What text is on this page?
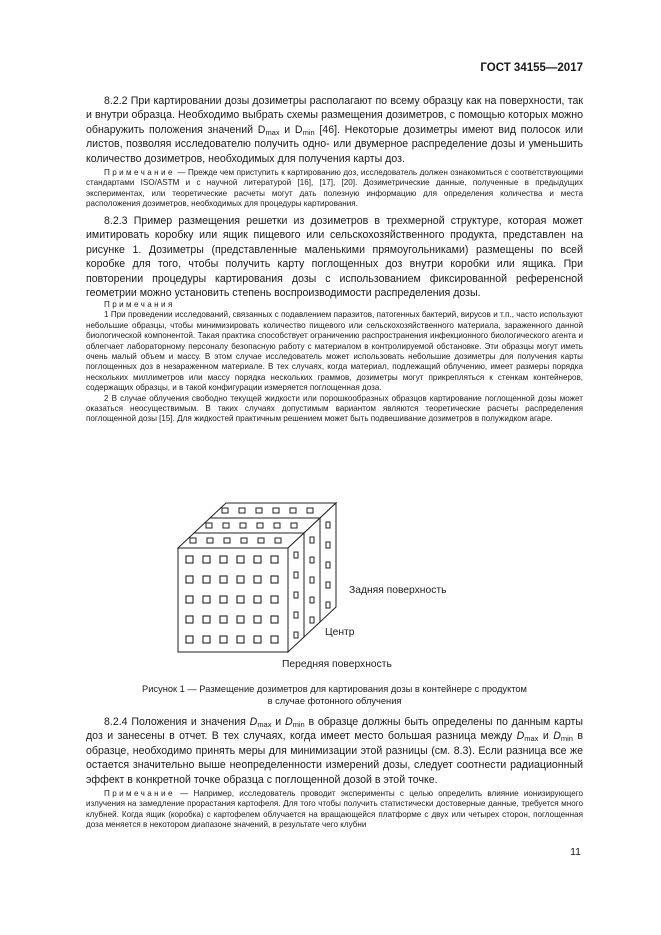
ГОСТ 34155—2017

8.2.2 При картировании дозы дозиметры располагают по всему образцу как на поверхности, так и внутри образца. Необходимо выбрать схемы размещения дозиметров, с помощью которых можно обнаружить положения значений $D_{max}$ и $D_{min}$ [46]. Некоторые дозиметры имеют вид полосок или листов, позволяя исследователю получить одно- или двумерное распределение дозы и уменьшить количество дозиметров, необходимых для получения карты доз.

Примечание — Прежде чем приступить к картированию доз, исследователь должен ознакомиться с соответствующими стандартами ISO/ASTM и с научной литературой [16], [17], [20]. Дозиметрические данные, полученные в предыдущих экспериментах, или теоретические расчеты могут дать полезную информацию для определения количества и места расположения дозиметров, необходимых для процедуры картирования.

8.2.3 Пример размещения решетки из дозиметров в трехмерной структуре, которая может имитировать коробку или ящик пищевого или сельскохозяйственного продукта, представлен на рисунке 1. Дозиметры (представленные маленькими прямоугольниками) размещены по всей коробке для того, чтобы получить карту поглощенных доз внутри коробки или ящика. При повторении процедуры картирования дозы с использованием фиксированной референсной геометрии можно установить степень воспроизводимости распределения дозы.

Примечания

1 При проведении исследований, связанных с подавлением паразитов, патогенных бактерий, вирусов и т.п., часто используют небольшие образцы, чтобы минимизировать количество пищевого или сельскохозяйственного материала, зараженного данной биологической компонентой. Такая практика способствует ограничению распространения инфекционного биологического агента и облегчает лабораторному персоналу безопасную работу с материалом в контролируемой обстановке. Эти образцы могут иметь очень малый объем и массу. В этом случае исследователь может использовать небольшие дозиметры для получения карты поглощенных доз в незараженном материале. В тех случаях, когда материал, подлежащий облучению, имеет размеры порядка нескольких миллиметров или массу порядка нескольких граммов, дозиметры могут прикрепляться к стенкам контейнеров, содержащих образцы, и в такой конфигурации измеряется поглощенная доза.

2 В случае облучения свободно текущей жидкости или порошкообразных образцов картирование поглощенной дозы может оказаться неосуществимым. В таких случаях допустимым вариантом являются теоретические расчеты распределения поглощенной дозы [15]. Для жидкостей практичным решением может быть подвешивание дозиметров в полужидком агаре.

Задняя поверхность
Центр
Передняя поверхность
Рисунок 1 — Размещение дозиметров для картирования дозы в контейнере с продуктом
в случае фотонного облучения

8.2.4 Положения и значения $D_{max}$ и $D_{min}$ в образце должны быть определены по данным карты доз и занесены в отчет. В тех случаях, когда имеет место большая разница между $D_{max}$ и $D_{min}$ в образце, необходимо принять меры для минимизации этой разницы (см. 8.3). Если разница все же остается значительно выше неопределенности измерений дозы, следует соотнести радиационный эффект в конкретной точке образца с поглощенной дозой в этой точке.

Примечание — Например, исследователь проводит эксперименты с целью определить влияние ионизирующего излучения на замедление прорастания картофеля. Для того чтобы получить статистически достоверные данные, требуется много клубней. Когда ящик (коробка) с картофелем облучается на вращающейся платформе с двух или четырех сторон, поглощенная доза меняется в некотором диапазоне значений, в результате чего клубни

11
